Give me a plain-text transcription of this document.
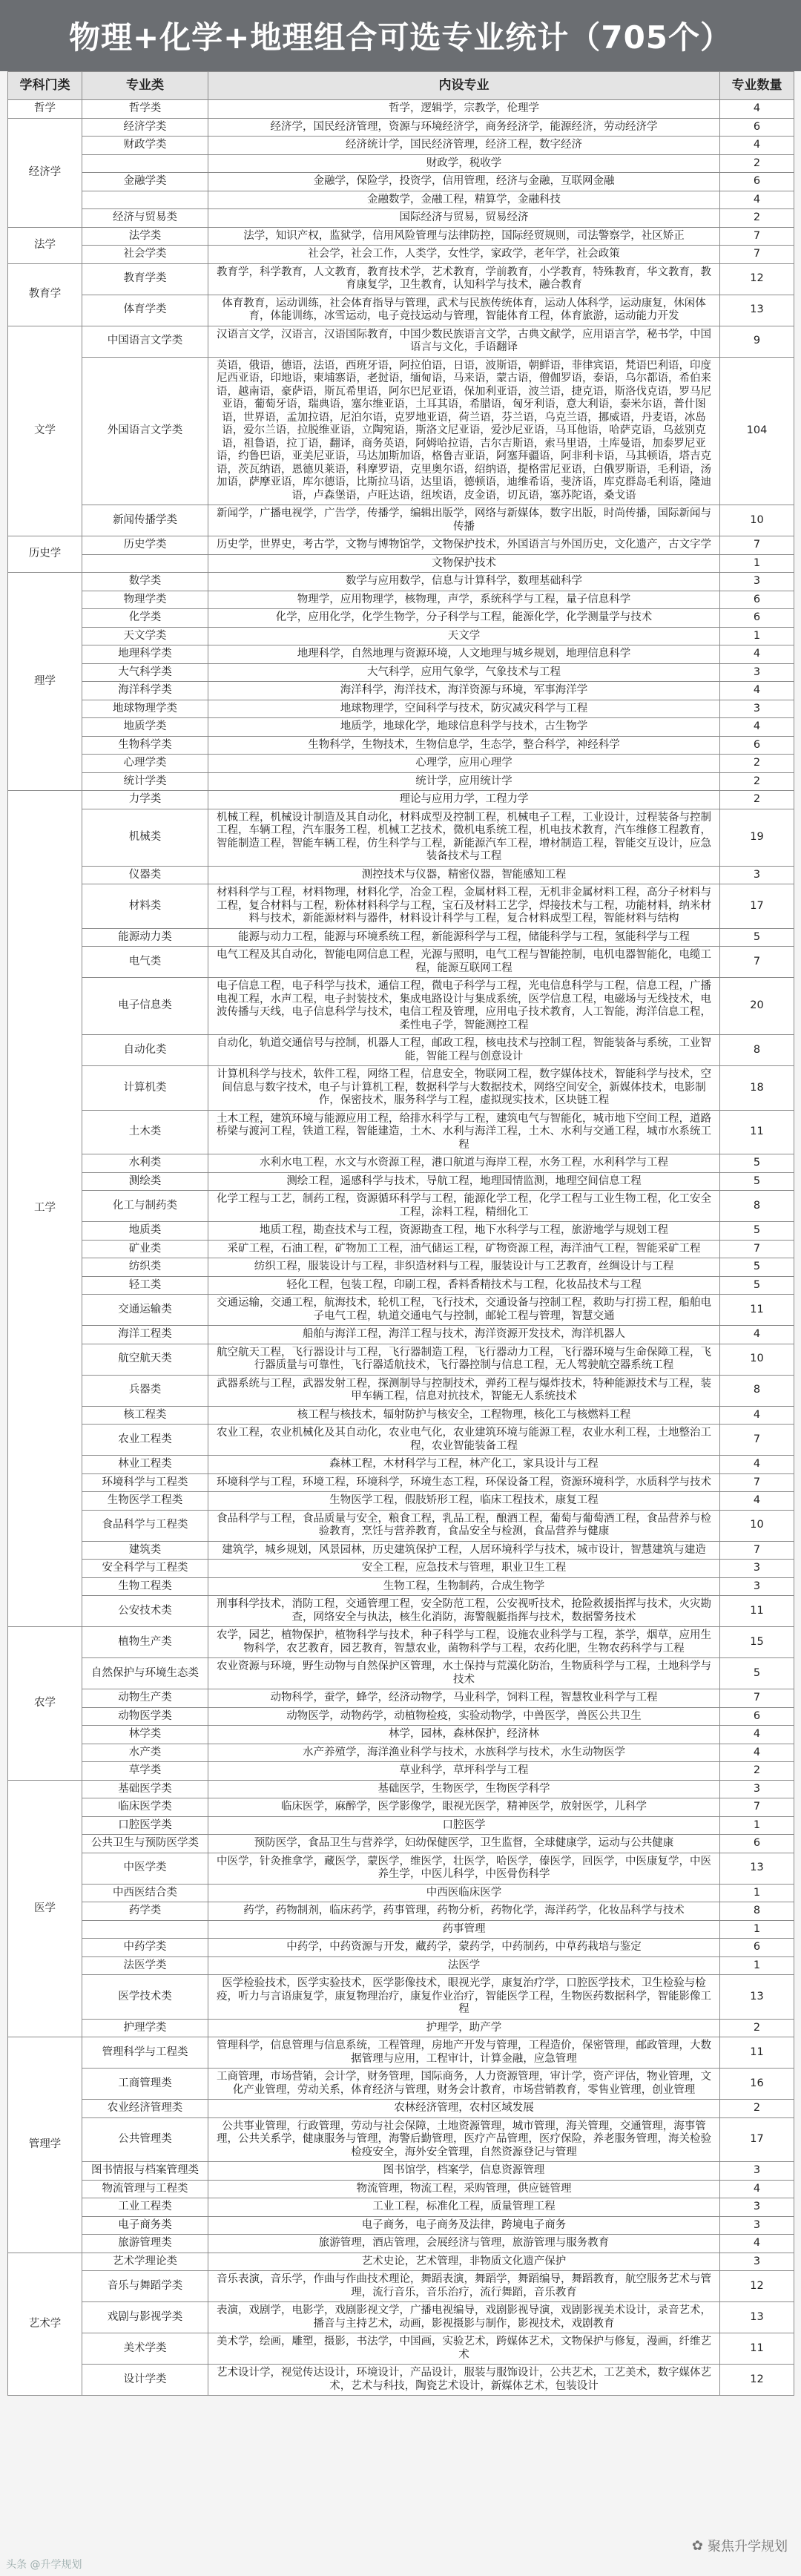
物理+化学+地理组合可选专业统计（705个）
学科门类	专业类	内设专业	专业数量
哲学	哲学类	哲学，逻辑学，宗教学，伦理学	4
经济学	经济学类	经济学，国民经济管理，资源与环境经济学，商务经济学，能源经济，劳动经济学	6
	财政学类	经济统计学，国民经济管理，经济工程，数字经济	4
		财政学，税收学	2
	金融学类	金融学，保险学，投资学，信用管理，经济与金融，互联网金融	6
		金融数学，金融工程，精算学，金融科技	4
	经济与贸易类	国际经济与贸易，贸易经济	2
法学	法学类	法学，知识产权，监狱学，信用风险管理与法律防控，国际经贸规则，司法警察学，社区矫正	7
	社会学类	社会学，社会工作，人类学，女性学，家政学，老年学，社会政策	7
教育学	教育学类	教育学，科学教育，人文教育，教育技术学，艺术教育，学前教育，小学教育，特殊教育，华文教育，教育康复学，卫生教育，认知科学与技术，融合教育	12
	体育学类	体育教育，运动训练，社会体育指导与管理，武术与民族传统体育，运动人体科学，运动康复，休闲体育，体能训练，冰雪运动，电子竞技运动与管理，智能体育工程，体育旅游，运动能力开发	13
文学	中国语言文学类	汉语言文学，汉语言，汉语国际教育，中国少数民族语言文学，古典文献学，应用语言学，秘书学，中国语言与文化，手语翻译	9
	外国语言文学类	英语，俄语，德语，法语，西班牙语，阿拉伯语，日语，波斯语，朝鲜语，菲律宾语，梵语巴利语，印度尼西亚语，印地语，柬埔寨语，老挝语，缅甸语，马来语，蒙古语，僧伽罗语，泰语，乌尔都语，希伯来语，越南语，豪萨语，斯瓦希里语，阿尔巴尼亚语，保加利亚语，波兰语，捷克语，斯洛伐克语，罗马尼亚语，葡萄牙语，瑞典语，塞尔维亚语，土耳其语，希腊语，匈牙利语，意大利语，泰米尔语，普什图语，世界语，孟加拉语，尼泊尔语，克罗地亚语，荷兰语，芬兰语，乌克兰语，挪威语，丹麦语，冰岛语，爱尔兰语，拉脱维亚语，立陶宛语，斯洛文尼亚语，爱沙尼亚语，马耳他语，哈萨克语，乌兹别克语，祖鲁语，拉丁语，翻译，商务英语，阿姆哈拉语，吉尔吉斯语，索马里语，土库曼语，加泰罗尼亚语，约鲁巴语，亚美尼亚语，马达加斯加语，格鲁吉亚语，阿塞拜疆语，阿非利卡语，马其顿语，塔吉克语，茨瓦纳语，恩德贝莱语，科摩罗语，克里奥尔语，绍纳语，提格雷尼亚语，白俄罗斯语，毛利语，汤加语，萨摩亚语，库尔德语，比斯拉马语，达里语，德顿语，迪维希语，斐济语，库克群岛毛利语，隆迪语，卢森堡语，卢旺达语，纽埃语，皮金语，切瓦语，塞苏陀语，桑戈语	104
	新闻传播学类	新闻学，广播电视学，广告学，传播学，编辑出版学，网络与新媒体，数字出版，时尚传播，国际新闻与传播	10
历史学	历史学类	历史学，世界史，考古学，文物与博物馆学，文物保护技术，外国语言与外国历史，文化遗产，古文字学	7
		文物保护技术	1
理学	数学类	数学与应用数学，信息与计算科学，数理基础科学	3
	物理学类	物理学，应用物理学，核物理，声学，系统科学与工程，量子信息科学	6
	化学类	化学，应用化学，化学生物学，分子科学与工程，能源化学，化学测量学与技术	6
	天文学类	天文学	1
	地理科学类	地理科学，自然地理与资源环境，人文地理与城乡规划，地理信息科学	4
	大气科学类	大气科学，应用气象学，气象技术与工程	3
	海洋科学类	海洋科学，海洋技术，海洋资源与环境，军事海洋学	4
	地球物理学类	地球物理学，空间科学与技术，防灾减灾科学与工程	3
	地质学类	地质学，地球化学，地球信息科学与技术，古生物学	4
	生物科学类	生物科学，生物技术，生物信息学，生态学，整合科学，神经科学	6
	心理学类	心理学，应用心理学	2
	统计学类	统计学，应用统计学	2
工学	力学类	理论与应用力学，工程力学	2
	机械类	机械工程，机械设计制造及其自动化，材料成型及控制工程，机械电子工程，工业设计，过程装备与控制工程，车辆工程，汽车服务工程，机械工艺技术，微机电系统工程，机电技术教育，汽车维修工程教育，智能制造工程，智能车辆工程，仿生科学与工程，新能源汽车工程，增材制造工程，智能交互设计，应急装备技术与工程	19
	仪器类	测控技术与仪器，精密仪器，智能感知工程	3
	材料类	材料科学与工程，材料物理，材料化学，冶金工程，金属材料工程，无机非金属材料工程，高分子材料与工程，复合材料与工程，粉体材料科学与工程，宝石及材料工艺学，焊接技术与工程，功能材料，纳米材料与技术，新能源材料与器件，材料设计科学与工程，复合材料成型工程，智能材料与结构	17
	能源动力类	能源与动力工程，能源与环境系统工程，新能源科学与工程，储能科学与工程，氢能科学与工程	5
	电气类	电气工程及其自动化，智能电网信息工程，光源与照明，电气工程与智能控制，电机电器智能化，电缆工程，能源互联网工程	7
	电子信息类	电子信息工程，电子科学与技术，通信工程，微电子科学与工程，光电信息科学与工程，信息工程，广播电视工程，水声工程，电子封装技术，集成电路设计与集成系统，医学信息工程，电磁场与无线技术，电波传播与天线，电子信息科学与技术，电信工程及管理，应用电子技术教育，人工智能，海洋信息工程，柔性电子学，智能测控工程	20
	自动化类	自动化，轨道交通信号与控制，机器人工程，邮政工程，核电技术与控制工程，智能装备与系统，工业智能，智能工程与创意设计	8
	计算机类	计算机科学与技术，软件工程，网络工程，信息安全，物联网工程，数字媒体技术，智能科学与技术，空间信息与数字技术，电子与计算机工程，数据科学与大数据技术，网络空间安全，新媒体技术，电影制作，保密技术，服务科学与工程，虚拟现实技术，区块链工程	18
	土木类	土木工程，建筑环境与能源应用工程，给排水科学与工程，建筑电气与智能化，城市地下空间工程，道路桥梁与渡河工程，铁道工程，智能建造，土木、水利与海洋工程，土木、水利与交通工程，城市水系统工程	11
	水利类	水利水电工程，水文与水资源工程，港口航道与海岸工程，水务工程，水利科学与工程	5
	测绘类	测绘工程，遥感科学与技术，导航工程，地理国情监测，地理空间信息工程	5
	化工与制药类	化学工程与工艺，制药工程，资源循环科学与工程，能源化学工程，化学工程与工业生物工程，化工安全工程，涂料工程，精细化工	8
	地质类	地质工程，勘查技术与工程，资源勘查工程，地下水科学与工程，旅游地学与规划工程	5
	矿业类	采矿工程，石油工程，矿物加工工程，油气储运工程，矿物资源工程，海洋油气工程，智能采矿工程	7
	纺织类	纺织工程，服装设计与工程，非织造材料与工程，服装设计与工艺教育，丝绸设计与工程	5
	轻工类	轻化工程，包装工程，印刷工程，香料香精技术与工程，化妆品技术与工程	5
	交通运输类	交通运输，交通工程，航海技术，轮机工程，飞行技术，交通设备与控制工程，救助与打捞工程，船舶电子电气工程，轨道交通电气与控制，邮轮工程与管理，智慧交通	11
	海洋工程类	船舶与海洋工程，海洋工程与技术，海洋资源开发技术，海洋机器人	4
	航空航天类	航空航天工程，飞行器设计与工程，飞行器制造工程，飞行器动力工程，飞行器环境与生命保障工程，飞行器质量与可靠性，飞行器适航技术，飞行器控制与信息工程，无人驾驶航空器系统工程	10
	兵器类	武器系统与工程，武器发射工程，探测制导与控制技术，弹药工程与爆炸技术，特种能源技术与工程，装甲车辆工程，信息对抗技术，智能无人系统技术	8
	核工程类	核工程与核技术，辐射防护与核安全，工程物理，核化工与核燃料工程	4
	农业工程类	农业工程，农业机械化及其自动化，农业电气化，农业建筑环境与能源工程，农业水利工程，土地整治工程，农业智能装备工程	7
	林业工程类	森林工程，木材科学与工程，林产化工，家具设计与工程	4
	环境科学与工程类	环境科学与工程，环境工程，环境科学，环境生态工程，环保设备工程，资源环境科学，水质科学与技术	7
	生物医学工程类	生物医学工程，假肢矫形工程，临床工程技术，康复工程	4
	食品科学与工程类	食品科学与工程，食品质量与安全，粮食工程，乳品工程，酿酒工程，葡萄与葡萄酒工程，食品营养与检验教育，烹饪与营养教育，食品安全与检测，食品营养与健康	10
	建筑类	建筑学，城乡规划，风景园林，历史建筑保护工程，人居环境科学与技术，城市设计，智慧建筑与建造	7
	安全科学与工程类	安全工程，应急技术与管理，职业卫生工程	3
	生物工程类	生物工程，生物制药，合成生物学	3
	公安技术类	刑事科学技术，消防工程，交通管理工程，安全防范工程，公安视听技术，抢险救援指挥与技术，火灾勘查，网络安全与执法，核生化消防，海警舰艇指挥与技术，数据警务技术	11
农学	植物生产类	农学，园艺，植物保护，植物科学与技术，种子科学与工程，设施农业科学与工程，茶学，烟草，应用生物科学，农艺教育，园艺教育，智慧农业，菌物科学与工程，农药化肥，生物农药科学与工程	15
	自然保护与环境生态类	农业资源与环境，野生动物与自然保护区管理，水土保持与荒漠化防治，生物质科学与工程，土地科学与技术	5
	动物生产类	动物科学，蚕学，蜂学，经济动物学，马业科学，饲料工程，智慧牧业科学与工程	7
	动物医学类	动物医学，动物药学，动植物检疫，实验动物学，中兽医学，兽医公共卫生	6
	林学类	林学，园林，森林保护，经济林	4
	水产类	水产养殖学，海洋渔业科学与技术，水族科学与技术，水生动物医学	4
	草学类	草业科学，草坪科学与工程	2
医学	基础医学类	基础医学，生物医学，生物医学科学	3
	临床医学类	临床医学，麻醉学，医学影像学，眼视光医学，精神医学，放射医学，儿科学	7
	口腔医学类	口腔医学	1
	公共卫生与预防医学类	预防医学，食品卫生与营养学，妇幼保健医学，卫生监督，全球健康学，运动与公共健康	6
	中医学类	中医学，针灸推拿学，藏医学，蒙医学，维医学，壮医学，哈医学，傣医学，回医学，中医康复学，中医养生学，中医儿科学，中医骨伤科学	13
	中西医结合类	中西医临床医学	1
	药学类	药学，药物制剂，临床药学，药事管理，药物分析，药物化学，海洋药学，化妆品科学与技术	8
		药事管理	1
	中药学类	中药学，中药资源与开发，藏药学，蒙药学，中药制药，中草药栽培与鉴定	6
	法医学类	法医学	1
	医学技术类	医学检验技术，医学实验技术，医学影像技术，眼视光学，康复治疗学，口腔医学技术，卫生检验与检疫，听力与言语康复学，康复物理治疗，康复作业治疗，智能医学工程，生物医药数据科学，智能影像工程	13
	护理学类	护理学，助产学	2
管理学	管理科学与工程类	管理科学，信息管理与信息系统，工程管理，房地产开发与管理，工程造价，保密管理，邮政管理，大数据管理与应用，工程审计，计算金融，应急管理	11
	工商管理类	工商管理，市场营销，会计学，财务管理，国际商务，人力资源管理，审计学，资产评估，物业管理，文化产业管理，劳动关系，体育经济与管理，财务会计教育，市场营销教育，零售业管理，创业管理	16
	农业经济管理类	农林经济管理，农村区域发展	2
	公共管理类	公共事业管理，行政管理，劳动与社会保障，土地资源管理，城市管理，海关管理，交通管理，海事管理，公共关系学，健康服务与管理，海警后勤管理，医疗产品管理，医疗保险，养老服务管理，海关检验检疫安全，海外安全管理，自然资源登记与管理	17
	图书情报与档案管理类	图书馆学，档案学，信息资源管理	3
	物流管理与工程类	物流管理，物流工程，采购管理，供应链管理	4
	工业工程类	工业工程，标准化工程，质量管理工程	3
	电子商务类	电子商务，电子商务及法律，跨境电子商务	3
	旅游管理类	旅游管理，酒店管理，会展经济与管理，旅游管理与服务教育	4
艺术学	艺术学理论类	艺术史论，艺术管理，非物质文化遗产保护	3
	音乐与舞蹈学类	音乐表演，音乐学，作曲与作曲技术理论，舞蹈表演，舞蹈学，舞蹈编导，舞蹈教育，航空服务艺术与管理，流行音乐，音乐治疗，流行舞蹈，音乐教育	12
	戏剧与影视学类	表演，戏剧学，电影学，戏剧影视文学，广播电视编导，戏剧影视导演，戏剧影视美术设计，录音艺术，播音与主持艺术，动画，影视摄影与制作，影视技术，戏剧教育	13
	美术学类	美术学，绘画，雕塑，摄影，书法学，中国画，实验艺术，跨媒体艺术，文物保护与修复，漫画，纤维艺术	11
	设计学类	艺术设计学，视觉传达设计，环境设计，产品设计，服装与服饰设计，公共艺术，工艺美术，数字媒体艺术，艺术与科技，陶瓷艺术设计，新媒体艺术，包装设计	12
✿ 聚焦升学规划
头条 @升学规划
